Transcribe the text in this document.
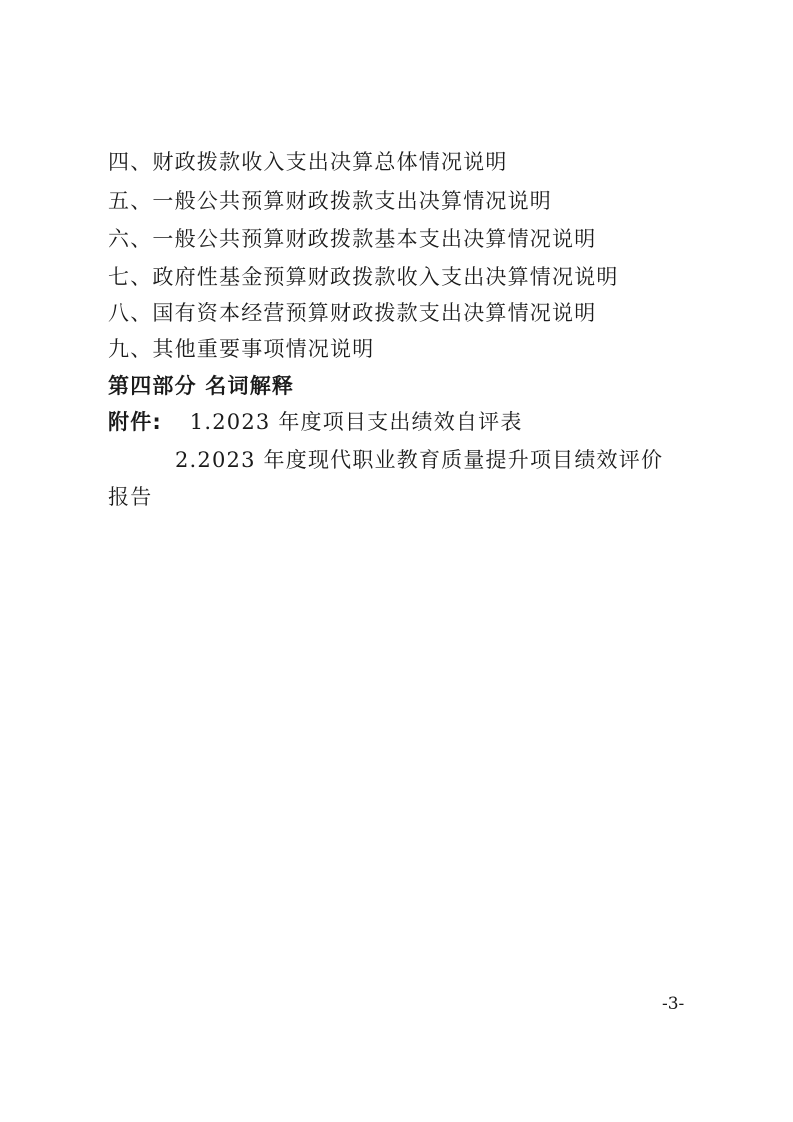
四、财政拨款收入支出决算总体情况说明
五、一般公共预算财政拨款支出决算情况说明
六、一般公共预算财政拨款基本支出决算情况说明
七、政府性基金预算财政拨款收入支出决算情况说明
八、国有资本经营预算财政拨款支出决算情况说明
九、其他重要事项情况说明
第四部分 名词解释
附件: 1.2023 年度项目支出绩效自评表
2.2023 年度现代职业教育质量提升项目绩效评价
报告
-3-
